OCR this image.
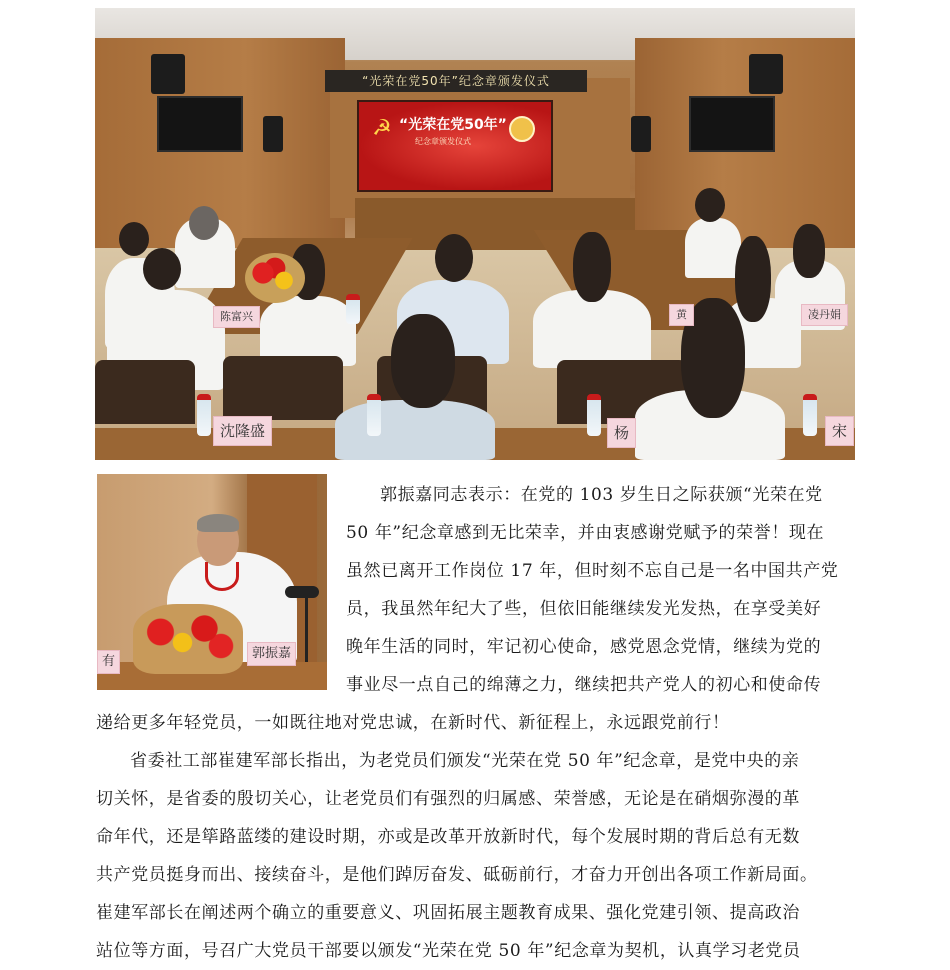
“光荣在党50年”纪念章颁发仪式
☭ “光荣在党50年”
纪念章颁发仪式
陈富兴
沈隆盛	杨	宋
凌丹娟
黄
郭振嘉
有
郭振嘉同志表示：在党的 103 岁生日之际获颁“光荣在党
50 年”纪念章感到无比荣幸，并由衷感谢党赋予的荣誉！现在
虽然已离开工作岗位 17 年，但时刻不忘自己是一名中国共产党
员，我虽然年纪大了些，但依旧能继续发光发热，在享受美好
晚年生活的同时，牢记初心使命，感党恩念党情，继续为党的
事业尽一点自己的绵薄之力，继续把共产党人的初心和使命传
递给更多年轻党员，一如既往地对党忠诚，在新时代、新征程上，永远跟党前行！
省委社工部崔建军部长指出，为老党员们颁发“光荣在党 50 年”纪念章，是党中央的亲
切关怀，是省委的殷切关心，让老党员们有强烈的归属感、荣誉感，无论是在硝烟弥漫的革
命年代，还是筚路蓝缕的建设时期，亦或是改革开放新时代，每个发展时期的背后总有无数
共产党员挺身而出、接续奋斗，是他们踔厉奋发、砥砺前行，才奋力开创出各项工作新局面。
崔建军部长在阐述两个确立的重要意义、巩固拓展主题教育成果、强化党建引领、提高政治
站位等方面，号召广大党员干部要以颁发“光荣在党 50 年”纪念章为契机，认真学习老党员
